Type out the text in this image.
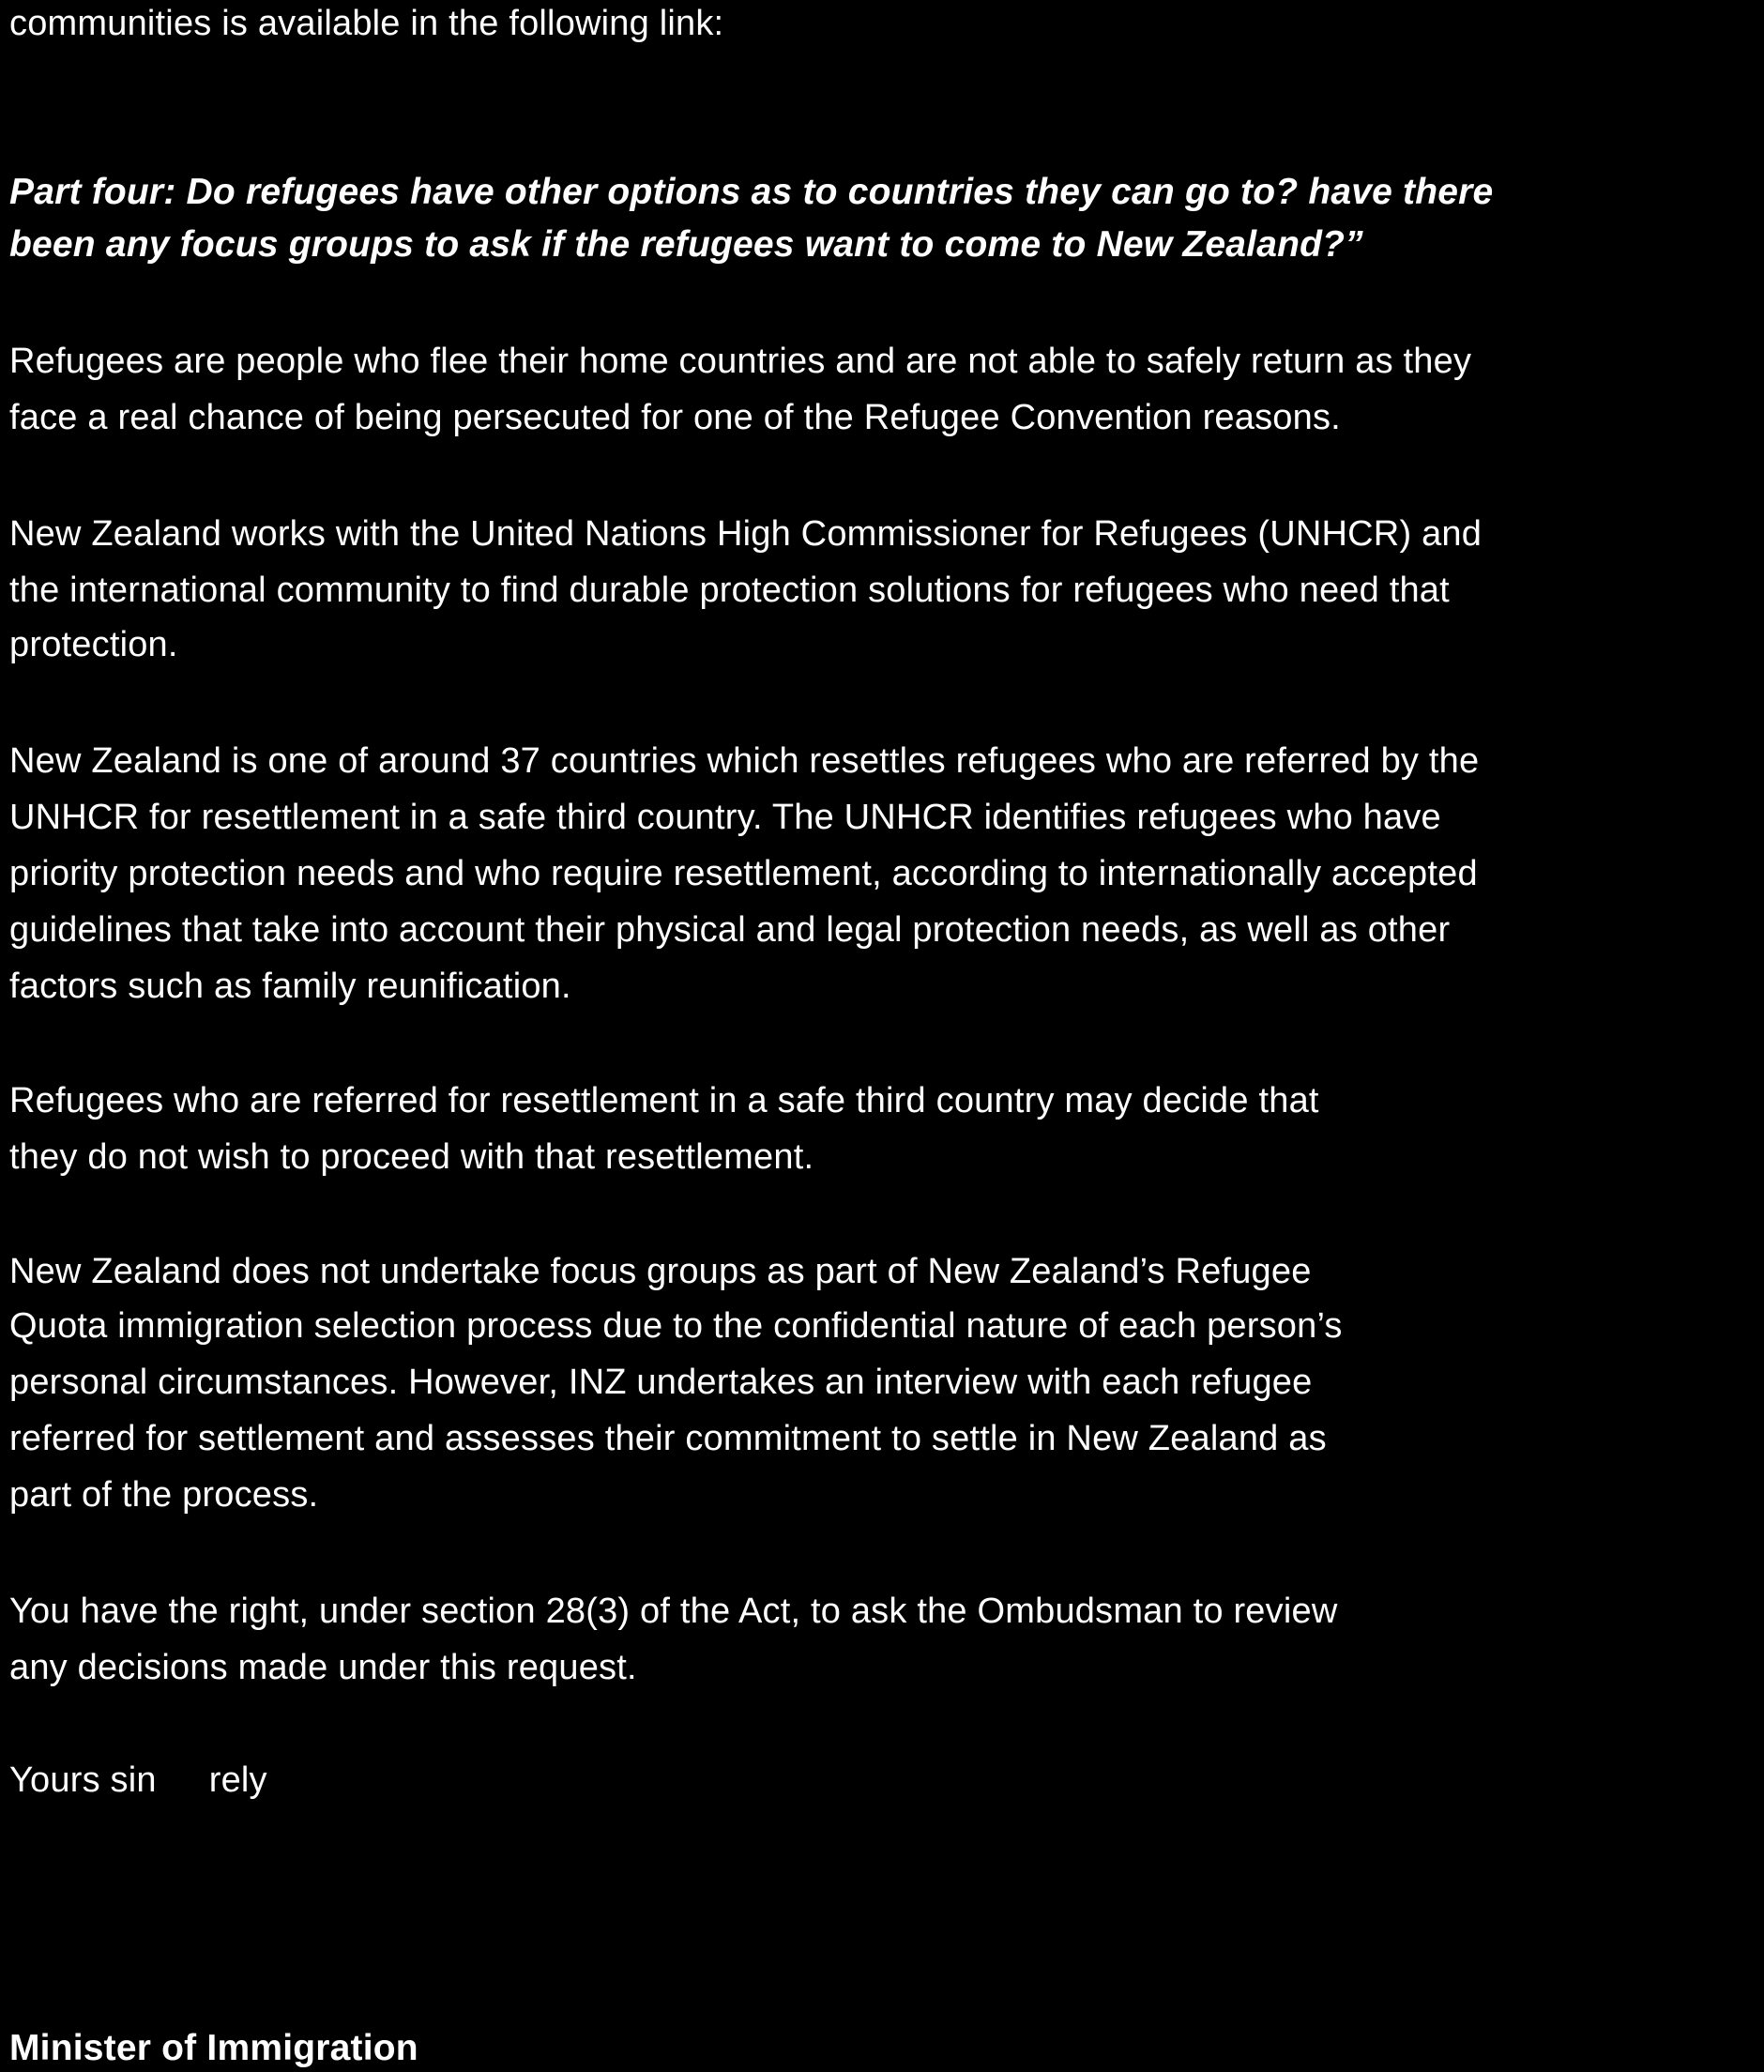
communities is available in the following link:
Part four: Do refugees have other options as to countries they can go to? have there
been any focus groups to ask if the refugees want to come to New Zealand?”
Refugees are people who flee their home countries and are not able to safely return as they
face a real chance of being persecuted for one of the Refugee Convention reasons.
New Zealand works with the United Nations High Commissioner for Refugees (UNHCR) and
the international community to find durable protection solutions for refugees who need that
protection.
New Zealand is one of around 37 countries which resettles refugees who are referred by the
UNHCR for resettlement in a safe third country. The UNHCR identifies refugees who have
priority protection needs and who require resettlement, according to internationally accepted
guidelines that take into account their physical and legal protection needs, as well as other
factors such as family reunification.
Refugees who are referred for resettlement in a safe third country may decide that
they do not wish to proceed with that resettlement.
New Zealand does not undertake focus groups as part of New Zealand’s Refugee
Quota immigration selection process due to the confidential nature of each person’s
personal circumstances. However, INZ undertakes an interview with each refugee
referred for settlement and assesses their commitment to settle in New Zealand as
part of the process.
You have the right, under section 28(3) of the Act, to ask the Ombudsman to review
any decisions made under this request.
Yours sin rely
Minister of Immigration
